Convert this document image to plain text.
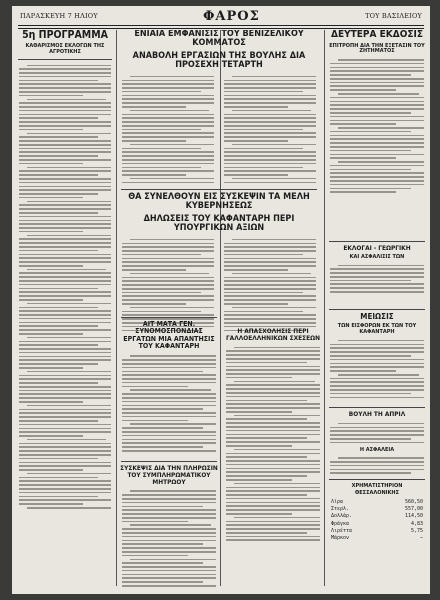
ΠΑΡΑΣΚΕΥΗ 7 ΗΛΙΟΥ	ΦΑΡΟΣ	ΤΟΥ ΒΑΣΙΛΕΙΟΥ
5η ΠΡΟΓΡΑΜΜΑ
ΚΑΘΑΡΙΣΜΟΣ ΕΚΛΟΓΩΝ ΤΗΣ ΑΓΡΟΤΙΚΗΣ
ΕΝΙΑΙΑ ΕΜΦΑΝΙΣΙΣ ΤΟΥ ΒΕΝΙΖΕΛΙΚΟΥ ΚΟΜΜΑΤΟΣ
ΑΝΑΒΟΛΗ ΕΡΓΑΣΙΩΝ ΤΗΣ ΒΟΥΛΗΣ ΔΙΑ ΠΡΟΣΕΧΗ ΤΕΤΑΡΤΗ
ΔΕΥΤΕΡΑ ΕΚΔΟΣΙΣ
ΕΠΙΤΡΟΠΗ ΔΙΑ ΤΗΝ ΕΞΕΤΑΣΙΝ ΤΟΥ ΖΗΤΗΜΑΤΟΣ
ΘΑ ΣΥΝΕΛΘΟΥΝ ΕΙΣ ΣΥΣΚΕΨΙΝ ΤΑ ΜΕΛΗ ΚΥΒΕΡΝΗΣΕΩΣ
ΔΗΛΩΣΕΙΣ ΤΟΥ ΚΑΦΑΝΤΑΡΗ ΠΕΡΙ ΥΠΟΥΡΓΙΚΩΝ ΑΞΙΩΝ
ΕΚΛΟΓΑΙ - ΓΕΩΡΓΙΚΗ
ΚΑΙ ΑΣΦΑΛΙΣΙΣ ΤΩΝ
ΑΙΤ ΜΑΤΑ ΓΕΝ. ΣΥΝΟΜΟΣΠΟΝΔΙΑΣ ΕΡΓΑΤΩΝ ΜΙΑ ΑΠΑΝΤΗΣΙΣ ΤΟΥ ΚΑΦΑΝΤΑΡΗ
Η ΑΠΑΣΧΟΛΗΣΙΣ ΠΕΡΙ ΓΑΛΛΟΕΛΛΗΝΙΚΩΝ ΣΧΕΣΕΩΝ
ΜΕΙΩΣΙΣ
ΤΩΝ ΕΙΣΦΟΡΩΝ ΕΚ ΤΩΝ ΤΟΥ ΚΑΦΑΝΤΑΡΗ
ΣΥΣΚΕΨΙΣ ΔΙΑ ΤΗΝ ΠΛΗΡΩΣΙΝ ΤΟΥ ΣΥΜΠΛΗΡΩΜΑΤΙΚΟΥ ΜΗΤΡΩΟΥ
ΒΟΥΛΗ ΤΗ ΑΠΡΙΛ
Η ΑΣΦΑΛΕΙΑ
ΧΡΗΜΑΤΙΣΤΗΡΙΟΝ
ΘΕΣΣΑΛΟΝΙΚΗΣ
Λίρα	560,50
Στερλ.	557,00
Δολλάρ.	114,50
Φράγκα	4,83
Λιρέττα	5,75
Μάρκον	—
